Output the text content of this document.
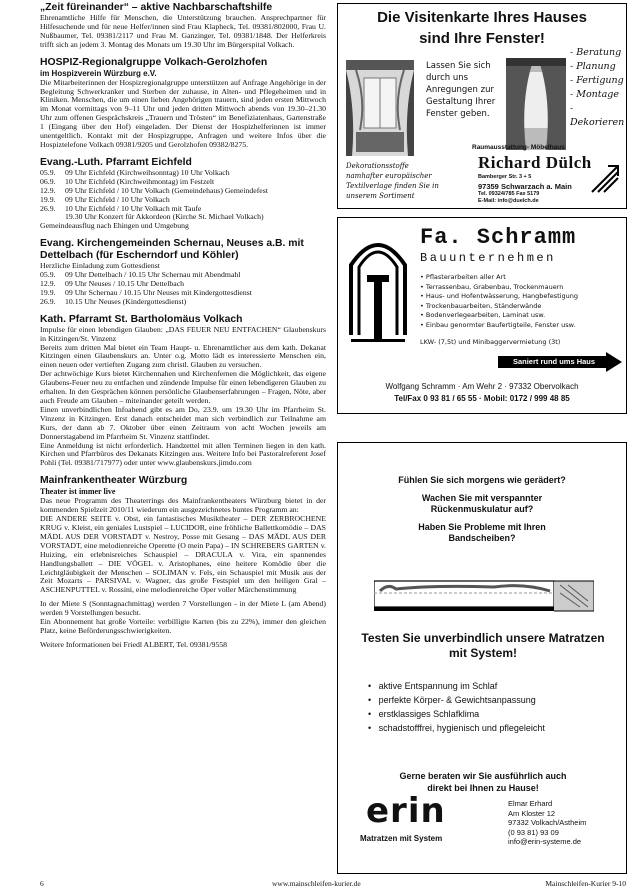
„Zeit füreinander“ – aktive Nachbarschaftshilfe

Ehrenamtliche Hilfe für Menschen, die Unterstützung brauchen. Ansprechpartner für Hilfesuchende und für neue Helfer/innen sind Frau Klapheck, Tel. 09381/802000, Frau U. Nußbaumer, Tel. 09381/2117 und Frau M. Ganzinger, Tel. 09381/1848. Der Helferkreis trifft sich an jedem 3. Montag des Monats um 19.30 Uhr im Bürgerspital Volkach.

HOSPIZ-Regionalgruppe Volkach-Gerolzhofen
im Hospizverein Würzburg e.V.

Die Mitarbeiterinnen der Hospizregionalgruppe unterstützen auf Anfrage Angehörige in der Begleitung Schwerkranker und Sterben der zuhause, in Alten- und Pflegeheimen und in Kliniken. Menschen, die um einen lieben Angehörigen trauern, sind jeden ersten Mittwoch im Monat vormittags von 9–11 Uhr und jeden dritten Mittwoch abends von 19.30–21.30 Uhr zum offenen Gesprächskreis „Trauern und Trösten“ im Benefiziatenhaus, Gartenstraße 1 (Eingang über den Hof) eingeladen. Der Dienst der Hospizhelferinnen ist immer unentgeltlich. Kontakt mit der Hospizgruppe, Anfragen und weitere Infos über die Hospiztelefone Volkach 09381/9205 und Gerolzhofen 09382/8275.

Evang.-Luth. Pfarramt Eichfeld
05.9.	09 Uhr Eichfeld (Kirchweihsonntag) 10 Uhr Volkach
06.9.	10 Uhr Eichfeld (Kirchweihmontag) im Festzelt
12.9.	09 Uhr Eichfeld / 10 Uhr Volkach (Gemeindehaus) Gemeindefest
19.9.	09 Uhr Eichfeld / 10 Uhr Volkach
26.9.	10 Uhr Eichfeld / 10 Uhr Volkach mit Taufe
19.30 Uhr Konzert für Akkordeon (Kirche St. Michael Volkach)
Gemeindeausflug nach Ehingen und Umgebung
Evang. Kirchengemeinden Schernau, Neuses a.B. mit Dettelbach (für Escherndorf und Köhler)

Herzliche Einladung zum Gottesdienst

05.9.	09 Uhr Dettelbach / 10.15 Uhr Schernau mit Abendmahl
12.9.	09 Uhr Neuses / 10.15 Uhr Dettelbach
19.9.	09 Uhr Schernau / 10.15 Uhr Neuses mit Kindergottesdienst
26.9.	10.15 Uhr Neuses (Kindergottesdienst)
Kath. Pfarramt St. Bartholomäus Volkach

Impulse für einen lebendigen Glauben: „DAS FEUER NEU ENTFACHEN“ Glaubenskurs in Kitzingen/St. Vinzenz

Bereits zum dritten Mal bietet ein Team Haupt- u. Ehrenamtlicher aus dem kath. Dekanat Kitzingen einen Glaubenskurs an. Unter o.g. Motto lädt es interessierte Menschen ein, einen neuen oder vertieften Zugang zum christl. Glauben zu versuchen.

Der achtwöchige Kurs bietet Kirchennahen und Kirchenfernen die Möglichkeit, das eigene Glaubens-Feuer neu zu entfachen und zündende Impulse für einen lebendigeren Glauben zu erhalten. In den Gesprächen können persönliche Glaubenserfahrungen – Fragen, Nöte, aber auch Freude am Glauben – miteinander geteilt werden.

Einen unverbindlichen Infoabend gibt es am Do, 23.9. um 19.30 Uhr im Pfarrheim St. Vinzenz in Kitzingen. Erst danach entscheidet man sich verbindlich zur Teilnahme am Kurs, der dann ab 7. Oktober über einen Zeitraum von acht Wochen jeweils am Donnerstagabend im Pfarrheim St. Vinzenz stattfindet.

Eine Anmeldung ist nicht erforderlich. Handzettel mit allen Terminen liegen in den kath. Kirchen und Pfarrbüros des Dekanats Kitzingen aus. Weitere Info bei Pastoralreferent Josef Pohli (Tel. 09381/717977) oder unter www.glaubenskurs.jimdo.com

Mainfrankentheater Würzburg
Theater ist immer live

Das neue Programm des Theaterrings des Mainfrankentheaters Würzburg bietet in der kommenden Spielzeit 2010/11 wiederum ein ausgezeichnetes buntes Programm an:

DIE ANDERE SEITE v. Obst, ein fantastisches Musiktheater – DER ZERBROCHENE KRUG v. Kleist, ein geniales Lustspiel – LUCIDOR, eine fröhliche Ballettkomödie – DAS MÄDL AUS DER VORSTADT v. Nestroy, Posse mit Gesang – DAS MÄDL AUS DER VORSTADT, eine melodienreiche Operette (O mein Papa) – IN SCHREBERS GARTEN v. Huizing, ein erlebnisreiches Schauspiel – DRACULA v. Vira, ein spannendes Handlungsballett – DIE VÖGEL v. Aristophanes, eine heitere Komödie über die Leichtgläubigkeit der Menschen – SOLIMAN v. Fels, ein Schauspiel mit Musik aus der Zeit Mozarts – PARSIVAL v. Wagner, das große Festspiel um den heiligen Gral – ASCHENPUTTEL v. Rossini, eine melodienreiche Oper voller Märchenstimmung

In der Miete S (Sonntagnachmittag) werden 7 Vorstellungen - in der Miete L (am Abend) werden 9 Vorstellungen besucht.

Ein Abonnement hat große Vorteile: verbilligte Karten (bis zu 22%), immer den gleichen Platz, keine Beförderungsschwierigkeiten.

Weitere Informationen bei Friedl ALBERT, Tel. 09381/9558

Die Visitenkarte Ihres Hauses
sind Ihre Fenster!
Lassen Sie sich durch uns Anregungen zur Gestaltung Ihrer Fenster geben.
- Beratung
- Planung
- Fertigung
- Montage
- Dekorieren
Raumausstattung- Möbelhaus
Richard Dülch
Dekorationsstoffe namhafter europäischer Textilverlage finden Sie in unserem Sortiment
Bamberger Str. 3 + 5
97359 Schwarzach a. Main
Tel. 09324/785 Fax 5179
E-Mail: info@duelch.de
Fa. Schramm
Bauunternehmen
• Pflasterarbeiten aller Art
• Terrassenbau, Grabenbau, Trockenmauern
• Haus- und Hofentwässerung, Hangbefestigung
• Trockenbauarbeiten, Ständerwände
• Bodenverlegearbeiten, Laminat usw.
• Einbau genormter Baufertigteile, Fenster usw.
LKW- (7,5t) und Minibaggervermietung (3t)
Saniert rund ums Haus
Wolfgang Schramm · Am Wehr 2 · 97332 Obervolkach
Tel/Fax 0 93 81 / 65 55 · Mobil: 0172 / 999 48 85
Fühlen Sie sich morgens wie gerädert?
Wachen Sie mit verspannter Rückenmuskulatur auf?
Haben Sie Probleme mit Ihren Bandscheiben?
Testen Sie unverbindlich unsere Matratzen mit System!
•   aktive Entspannung im Schlaf
•   perfekte Körper- & Gewichtsanpassung
•   erstklassiges Schlafklima
•   schadstofffrei, hygienisch und pflegeleicht
Gerne beraten wir Sie ausführlich auch direkt bei Ihnen zu Hause!
erin
Matratzen mit System
Elmar Erhard
Am Kloster 12
97332 Volkach/Astheim
(0 93 81) 93 09
info@erin-systeme.de
6	www.mainschleifen-kurier.de	Mainschleifen-Kurier 9-10
